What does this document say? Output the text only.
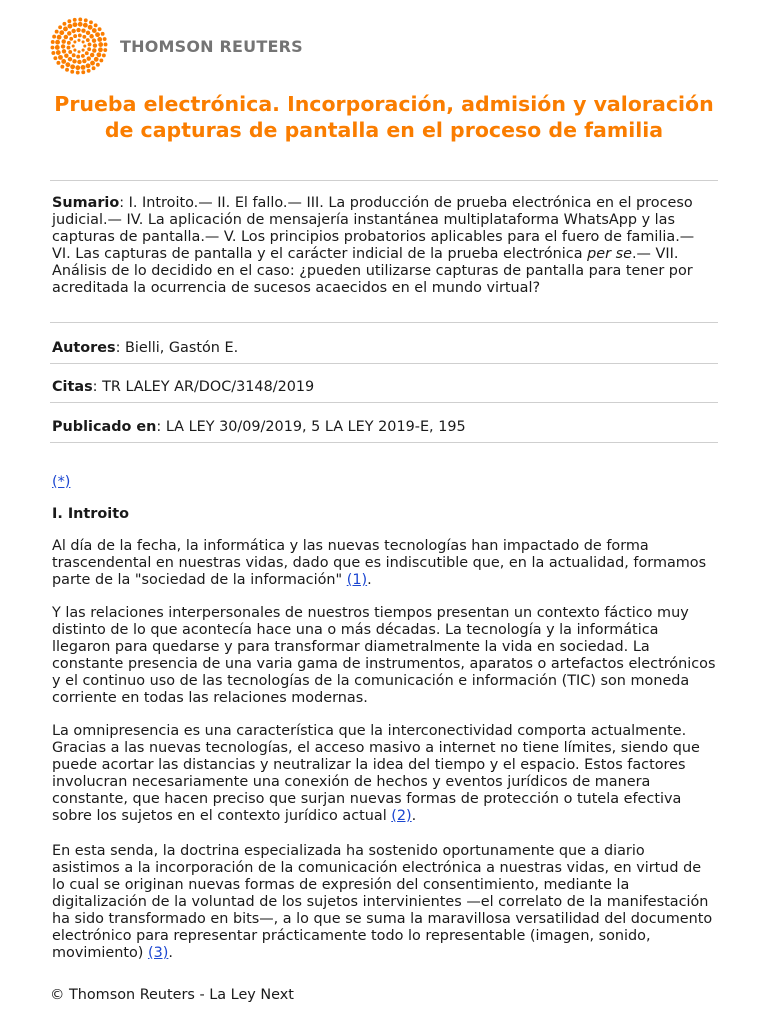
THOMSON REUTERS
Prueba electrónica. Incorporación, admisión y valoración de capturas de pantalla en el proceso de familia

Sumario: I. Introito.— II. El fallo.— III. La producción de prueba electrónica en el proceso judicial.— IV. La aplicación de mensajería instantánea multiplataforma WhatsApp y las capturas de pantalla.— V. Los principios probatorios aplicables para el fuero de familia.— VI. Las capturas de pantalla y el carácter indicial de la prueba electrónica per se.— VII. Análisis de lo decidido en el caso: ¿pueden utilizarse capturas de pantalla para tener por acreditada la ocurrencia de sucesos acaecidos en el mundo virtual?

Autores: Bielli, Gastón E.

Citas: TR LALEY AR/DOC/3148/2019

Publicado en: LA LEY 30/09/2019, 5 LA LEY 2019-E, 195

(*)

I. Introito

Al día de la fecha, la informática y las nuevas tecnologías han impactado de forma trascendental en nuestras vidas, dado que es indiscutible que, en la actualidad, formamos parte de la "sociedad de la información" (1).

Y las relaciones interpersonales de nuestros tiempos presentan un contexto fáctico muy distinto de lo que acontecía hace una o más décadas. La tecnología y la informática llegaron para quedarse y para transformar diametralmente la vida en sociedad. La constante presencia de una varia gama de instrumentos, aparatos o artefactos electrónicos y el continuo uso de las tecnologías de la comunicación e información (TIC) son moneda corriente en todas las relaciones modernas.

La omnipresencia es una característica que la interconectividad comporta actualmente. Gracias a las nuevas tecnologías, el acceso masivo a internet no tiene límites, siendo que puede acortar las distancias y neutralizar la idea del tiempo y el espacio. Estos factores involucran necesariamente una conexión de hechos y eventos jurídicos de manera constante, que hacen preciso que surjan nuevas formas de protección o tutela efectiva sobre los sujetos en el contexto jurídico actual (2).

En esta senda, la doctrina especializada ha sostenido oportunamente que a diario asistimos a la incorporación de la comunicación electrónica a nuestras vidas, en virtud de lo cual se originan nuevas formas de expresión del consentimiento, mediante la digitalización de la voluntad de los sujetos intervinientes —el correlato de la manifestación ha sido transformado en bits—, a lo que se suma la maravillosa versatilidad del documento electrónico para representar prácticamente todo lo representable (imagen, sonido, movimiento) (3).

© Thomson Reuters - La Ley Next
